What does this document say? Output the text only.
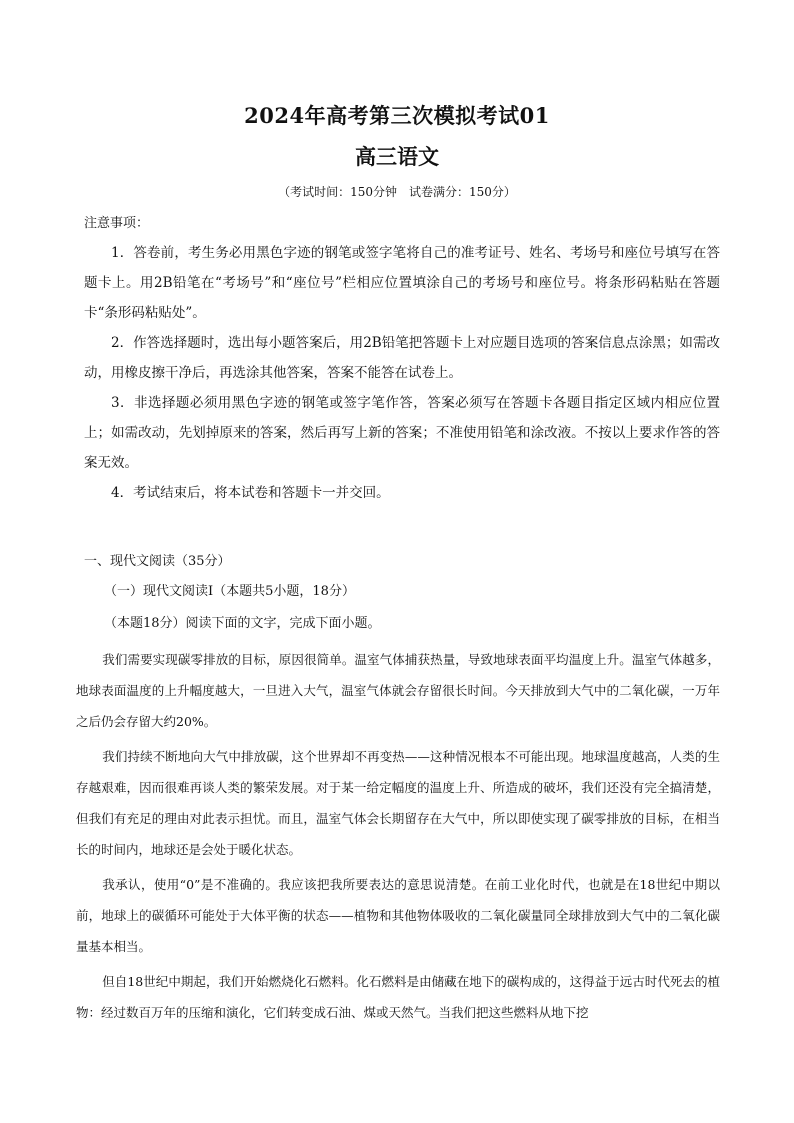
2024年高考第三次模拟考试01
高三语文
（考试时间：150分钟　试卷满分：150分）
注意事项：

1．答卷前，考生务必用黑色字迹的钢笔或签字笔将自己的准考证号、姓名、考场号和座位号填写在答题卡上。用2B铅笔在“考场号”和“座位号”栏相应位置填涂自己的考场号和座位号。将条形码粘贴在答题卡“条形码粘贴处”。

2．作答选择题时，选出每小题答案后，用2B铅笔把答题卡上对应题目选项的答案信息点涂黑；如需改动，用橡皮擦干净后，再选涂其他答案，答案不能答在试卷上。

3．非选择题必须用黑色字迹的钢笔或签字笔作答，答案必须写在答题卡各题目指定区域内相应位置上；如需改动，先划掉原来的答案，然后再写上新的答案；不准使用铅笔和涂改液。不按以上要求作答的答案无效。

4．考试结束后，将本试卷和答题卡一并交回。

一、现代文阅读（35分）
（一）现代文阅读Ⅰ（本题共5小题，18分）
（本题18分）阅读下面的文字，完成下面小题。

我们需要实现碳零排放的目标，原因很简单。温室气体捕获热量，导致地球表面平均温度上升。温室气体越多，地球表面温度的上升幅度越大，一旦进入大气，温室气体就会存留很长时间。今天排放到大气中的二氧化碳，一万年之后仍会存留大约20%。

我们持续不断地向大气中排放碳，这个世界却不再变热——这种情况根本不可能出现。地球温度越高，人类的生存越艰难，因而很难再谈人类的繁荣发展。对于某一给定幅度的温度上升、所造成的破坏，我们还没有完全搞清楚，但我们有充足的理由对此表示担忧。而且，温室气体会长期留存在大气中，所以即使实现了碳零排放的目标，在相当长的时间内，地球还是会处于暖化状态。

我承认，使用“0”是不准确的。我应该把我所要表达的意思说清楚。在前工业化时代，也就是在18世纪中期以前，地球上的碳循环可能处于大体平衡的状态——植物和其他物体吸收的二氧化碳量同全球排放到大气中的二氧化碳量基本相当。

但自18世纪中期起，我们开始燃烧化石燃料。化石燃料是由储藏在地下的碳构成的，这得益于远古时代死去的植物：经过数百万年的压缩和演化，它们转变成石油、煤或天然气。当我们把这些燃料从地下挖
